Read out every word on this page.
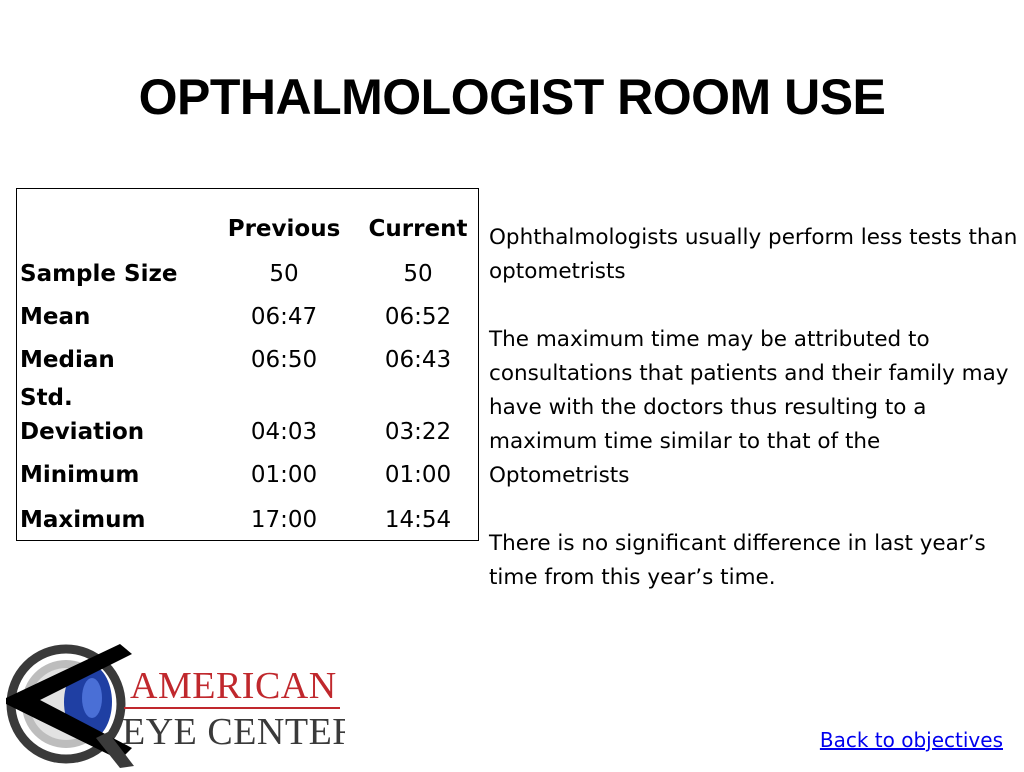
OPTHALMOLOGIST ROOM USE
	Previous	Current
Sample Size	50	50
Mean	06:47	06:52
Median	06:50	06:43

Std.
Deviation	04:03	03:22
Minimum	01:00	01:00
Maximum	17:00	14:54

Ophthalmologists usually perform less tests than optometrists

The maximum time may be attributed to consultations that patients and their family may have with the doctors thus resulting to a maximum time similar to that of the Optometrists

There is no significant difference in last year’s time from this year’s time.

AMERICAN
EYE CENTER	Back to objectives
